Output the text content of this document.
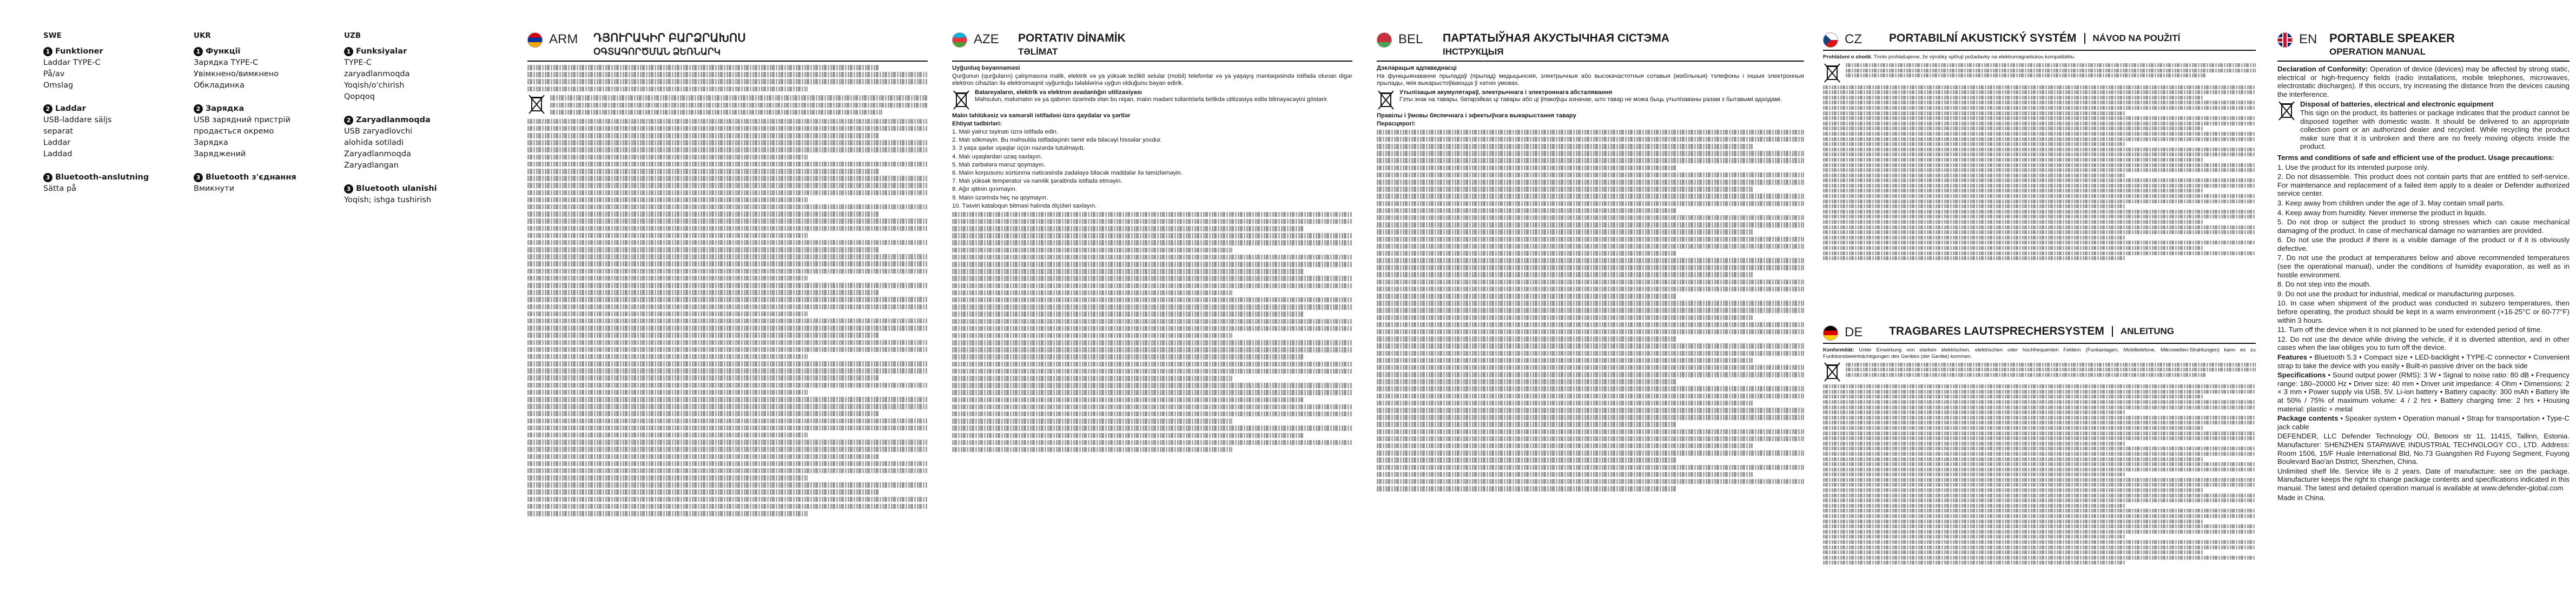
SWE
1 Funktioner
Laddar TYPE-C
På/av
Omslag
2 Laddar
USB-laddare säljs
separat
Laddar
Laddad
3 Bluetooth-anslutning
Sätta på
UKR
1 Функції
Зарядка TYPE-C
Увімкнено/вимкнено
Обкладинка
2 Зарядка
USB зарядний пристрій
продається окремо
Зарядка
Заряджений
3 Bluetooth з'єднання
Вмикнути
UZB
1 Funksiyalar
TYPE-C
zaryadlanmoqda
Yoqish/o'chirish
Qopqoq
2 Zaryadlanmoqda
USB zaryadlovchi
alohida sotiladi
Zaryadlanmoqda
Zaryadlangan
3 Bluetooth ulanishi
Yoqish; ishga tushirish
ARM	ԴՅՈՒՐԱԿԻՐ ԲԱՐՁՐԱԽՈՍ
ՕԳՏԱԳՈՐԾՄԱՆ ՁԵՌՆԱՐԿ
AZE	PORTATIV DİNAMİK
TƏLİMAT

Uyğunluq bəyannaməsi

Qurğunun (qurğuların) çalışmasına malik, elektrik və ya yüksək tezlikli selular (mobil) telefonlar və ya yaşayış məntəqəsində istifadə olunan digər elektron cihazları ilə elektromaqnit uyğunluğu tələblərinə uyğun olduğunu bəyan edirik.

Batareyaların, elektrik və elektron avadanlığın utilizasiyası

Məhsulun, məlumatın və ya qabının üzərində olan bu nişan, malın mədəni tullantılarla birlikdə utilizasiya edilə bilməyəcəyini göstərir.

Malın təhlükəsiz və səmərəli istifadəsi üzrə qaydalar və şərtlər

Ehtiyat tədbirləri:

1. Malı yalnız təyinatı üzrə istifadə edin.

2. Malı sökməyin. Bu məhsulda istifadəçinin təmir edə biləcəyi hissələr yoxdur.

3. 3 yaşa qədər uşaqlar üçün nəzərdə tutulmayıb.

4. Malı uşaqlardan uzaq saxlayın.

5. Malı zərbələrə məruz qoymayın.

6. Malın korpusunu sürtünmə nəticəsində zədələyə biləcək maddələr ilə təmizləməyin.

7. Malı yüksək temperatur və nəmlik şəraitində istifadə etməyin.

8. Ağır qitinin qırxmayın.

9. Malın üzərində heç nə qoymayın.

10. Təsviri kataloqun bitməsi halında ölçüləri saxlayın.

BEL	ПАРТАТЫЎНАЯ АКУСТЫЧНАЯ СІСТЭМА
ІНСТРУКЦЫЯ

Дэкларацыя адпаведнасці

На функцыянаванне прыладаў (прылад) медыцынскія, электрычныя або высокачастотныя сотавыя (мабільныя) тэлефоны і іншыя электронныя прылады, якія выкарыстоўваюцца ў хатніх умовах.

Утылізацыя акумулятараў, электрычнага і электроннага абсталявання

Гэты знак на тавары, батарэйках ці тавары або ці ўпакоўцы азначае, што тавар не можа быць утылізаваны разам з бытавымі адходамі.

Правілы і ўмовы бяспечнага і эфектыўнага выкарыстання тавару

Перасцярогі:

CZ	PORTABILNÍ AKUSTICKÝ SYSTÉM NÁVOD NA POUŽITÍ

Prohlášení o shodě. Tímto prohlašujeme, že výrobky splňují požadavky na elektromagnetickou kompatibilitu.

DE	TRAGBARES LAUTSPRECHERSYSTEM ANLEITUNG

Konformität: Unter Einwirkung von starken elektrischen, elektrischen oder hochfrequenten Feldern (Funkanlagen, Mobiltelefone, Mikrowellen-Strahlungen) kann es zu Funktionsbeeinträchtigungen des Gerätes (der Geräte) kommen.

EN	PORTABLE SPEAKER
OPERATION MANUAL

Declaration of Conformity: Operation of device (devices) may be affected by strong static, electrical or high-frequency fields (radio installations, mobile telephones, microwaves, electrostatic discharges). If this occurs, try increasing the distance from the devices causing the interference.

Disposal of batteries, electrical and electronic equipment

This sign on the product, its batteries or package indicates that the product cannot be disposed together with domestic waste. It should be delivered to an appropriate collection point or an authorized dealer and recycled. While recycling the product make sure that it is unbroken and there are no freely moving objects inside the product.

Terms and conditions of safe and efficient use of the product. Usage precautions:

1. Use the product for its intended purpose only.

2. Do not disassemble. This product does not contain parts that are entitled to self-service. For maintenance and replacement of a failed item apply to a dealer or Defender authorized service center.

3. Keep away from children under the age of 3. May contain small parts.

4. Keep away from humidity. Never immerse the product in liquids.

5. Do not drop or subject the product to strong stresses which can cause mechanical damaging of the product. In case of mechanical damage no warranties are provided.

6. Do not use the product if there is a visible damage of the product or if it is obviously defective.

7. Do not use the product at temperatures below and above recommended temperatures (see the operational manual), under the conditions of humidity evaporation, as well as in hostile environment.

8. Do not step into the mouth.

9. Do not use the product for industrial, medical or manufacturing purposes.

10. In case when shipment of the product was conducted in subzero temperatures, then before operating, the product should be kept in a warm environment (+16-25°C or 60-77°F) within 3 hours.

11. Turn off the device when it is not planned to be used for extended period of time.

12. Do not use the device while driving the vehicle, if it is diverted attention, and in other cases when the law obliges you to turn off the device.

Features • Bluetooth 5.3 • Compact size • LED-backlight • TYPE-C connector • Convenient strap to take the device with you easily • Built-in passive driver on the back side

Specifications • Sound output power (RMS): 3 W • Signal to noise ratio: 80 dB • Frequency range: 180–20000 Hz • Driver size: 40 mm • Driver unit impedance: 4 Ohm • Dimensions: 2 × 3 mm • Power supply via USB, 5V. Li-ion battery • Battery capacity: 300 mAh • Battery life at 50% / 75% of maximum volume: 4 / 2 hrs • Battery charging time: 2 hrs • Housing material: plastic + metal

Package contents • Speaker system • Operation manual • Strap for transportation • Type-C jack cable

DEFENDER, LLC Defender Technology OÜ, Betooni str 11, 11415, Tallinn, Estonia. Manufacturer: SHENZHEN STARWAVE INDUSTRIAL TECHNOLOGY CO., LTD. Address: Room 1506, 15/F Huale International Bld, No.73 Guangshen Rd Fuyong Segment, Fuyong Boulevard Bao'an District, Shenzhen, China.

Unlimited shelf life. Service life is 2 years. Date of manufacture: see on the package. Manufacturer keeps the right to change package contents and specifications indicated in this manual. The latest and detailed operation manual is available at www.defender-global.com

Made in China.
